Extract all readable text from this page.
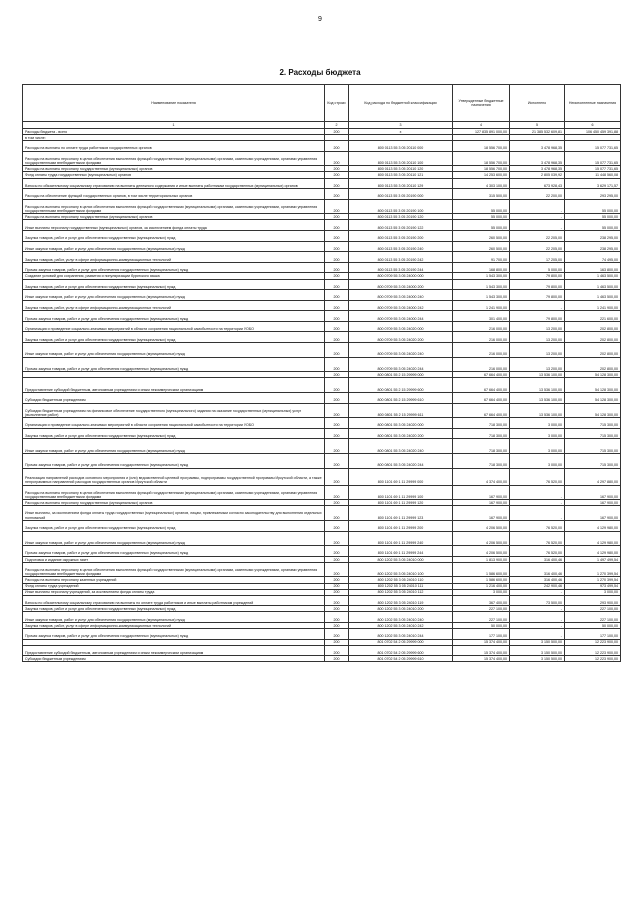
9
2. Расходы бюджета
Наименование показателя	Код строки	Код расхода по бюджетной классификации	Утвержденные бюджетные назначения	Исполнено	Неисполненные назначения
1	2	3	4	5	6
Расходы бюджета - всего	200	x	127 835 891 000,00	21 385 532 609,81	106 450 459 391,88
в том числе:					
Расходы на выплаты по оплате труда работников государственных органов	200	800 0113 55 3 05 20110 000	18 556 700,00	3 478 968,35	15 077 731,65
Расходы на выплаты персоналу в целях обеспечения выполнения функций государственными (муниципальными) органами, казенными учреждениями, органами управления государственными внебюджетными фондами	200	800 0113 55 3 05 20110 100	18 556 700,00	3 478 968,35	15 077 731,65
Расходы на выплаты персоналу государственных (муниципальных) органов	200	800 0113 55 3 05 20110 120	18 556 700,00	3 478 968,35	15 077 731,65
Фонд оплаты труда государственных (муниципальных) органов	200	800 0113 55 3 05 20110 121	14 253 600,00	2 805 039,92	11 448 560,08
Взносы по обязательному социальному страхованию на выплаты денежного содержания и иные выплаты работникам государственных (муниципальных) органов	200	800 0113 55 3 05 20110 129	4 303 100,00	673 928,43	3 629 171,57
Расходы на обеспечение функций государственных органов, в том числе территориальных органов	200	800 0113 55 3 05 20190 000	315 500,00	22 200,00	293 295,00
Расходы на выплаты персоналу в целях обеспечения выполнения функций государственными (муниципальными) органами, казенными учреждениями, органами управления государственными внебюджетными фондами	200	800 0113 55 3 05 20190 100	55 000,00	-	55 000,00
Расходы на выплаты персоналу государственных (муниципальных) органов	200	800 0113 55 3 05 20190 120	55 000,00	-	55 000,00
Иные выплаты персоналу государственных (муниципальных) органов, за исключением фонда оплаты труда	200	800 0113 55 3 05 20190 122	55 000,00	-	55 000,00
Закупка товаров, работ и услуг для обеспечения государственных (муниципальных) нужд	200	800 0113 55 3 05 20190 200	260 500,00	22 205,00	238 295,00
Иные закупки товаров, работ и услуг для обеспечения государственных (муниципальных) нужд	200	800 0113 55 3 05 20190 240	260 500,00	22 205,00	238 295,00
Закупка товаров, работ, услуг в сфере информационно-коммуникационных технологий	200	800 0113 55 3 05 20190 242	91 700,00	17 205,00	74 495,00
Прочая закупка товаров, работ и услуг для обеспечения государственных (муниципальных) нужд	200	800 0113 55 3 05 20190 244	168 800,00	5 000,00	163 800,00
Создание условий для сохранения, развития и популяризации бурятского языка	200	800 0709 55 3 05 24000 000	1 543 300,00	79 800,00	1 463 500,00
Закупка товаров, работ и услуг для обеспечения государственных (муниципальных) нужд	200	800 0709 55 3 05 24000 200	1 543 300,00	79 800,00	1 463 500,00
Иные закупки товаров, работ и услуг для обеспечения государственных (муниципальных) нужд	200	800 0709 55 3 05 24000 240	1 543 300,00	79 800,00	1 463 500,00
Закупка товаров, работ, услуг в сфере информационно-коммуникационных технологий	200	800 0709 55 3 05 24000 242	1 241 900,00	-	1 241 900,00
Прочая закупка товаров, работ и услуг для обеспечения государственных (муниципальных) нужд	200	800 0709 55 3 05 24000 244	301 400,00	79 800,00	221 600,00
Организация и проведение социально-значимых мероприятий в области сохранения национальной самобытности на территории УОБО	200	800 0709 55 3 05 24020 000	216 000,00	13 200,00	202 800,00
Закупка товаров, работ и услуг для обеспечения государственных (муниципальных) нужд	200	800 0709 55 3 05 24020 200	216 000,00	13 200,00	202 800,00
Иные закупки товаров, работ и услуг для обеспечения государственных (муниципальных) нужд	200	800 0709 55 3 05 24020 240	216 000,00	13 200,00	202 800,00
Прочая закупка товаров, работ и услуг для обеспечения государственных (муниципальных) нужд	200	800 0709 55 3 05 24020 244	216 000,00	13 200,00	202 800,00
	200	800 0801 55 2 15 29999 000	67 664 400,00	13 536 100,00	54 128 300,00
Предоставление субсидий бюджетным, автономным учреждениям и иным некоммерческим организациям	200	800 0801 55 2 15 29999 600	67 664 400,00	13 536 100,00	54 128 300,00
Субсидии бюджетным учреждениям	200	800 0801 55 2 15 29999 610	67 664 400,00	13 536 100,00	54 128 300,00
Субсидии бюджетным учреждениям на финансовое обеспечение государственного (муниципального) задания на оказание государственных (муниципальных) услуг (выполнение работ)	200	800 0801 55 2 15 29999 611	67 664 400,00	13 536 100,00	54 128 300,00
Организация и проведение социально-значимых мероприятий в области сохранения национальной самобытности на территории УОБО	200	800 0801 55 3 05 24020 000	718 300,00	3 000,00	715 300,00
Закупка товаров, работ и услуг для обеспечения государственных (муниципальных) нужд	200	800 0801 55 3 05 24020 200	718 300,00	3 000,00	715 300,00
Иные закупки товаров, работ и услуг для обеспечения государственных (муниципальных) нужд	200	800 0801 55 3 05 24020 240	718 300,00	3 000,00	715 300,00
Прочая закупка товаров, работ и услуг для обеспечения государственных (муниципальных) нужд	200	800 0801 55 3 05 24020 244	718 300,00	3 000,00	715 300,00
Реализация направлений расходов основного мероприятия и (или) ведомственной целевой программы, подпрограммы государственной программы Иркутской области, а также непрограммных направлений расходов государственных органов Иркутской области	200	800 1101 69 1 11 29999 000	4 374 400,00	76 520,00	4 297 880,00
Расходы на выплаты персоналу в целях обеспечения выполнения функций государственными (муниципальными) органами, казенными учреждениями, органами управления государственными внебюджетными фондами	200	800 1101 69 1 11 29999 100	167 900,00	-	167 900,00
Расходы на выплаты персоналу государственных (муниципальных) органов	200	800 1101 69 1 11 29999 120	167 900,00	-	167 900,00
Иные выплаты, за исключением фонда оплаты труда государственных (муниципальных) органов, лицам, привлекаемым согласно законодательству для выполнения отдельных полномочий	200	800 1101 69 1 11 29999 123	167 900,00	-	167 900,00
Закупка товаров, работ и услуг для обеспечения государственных (муниципальных) нужд	200	800 1101 69 1 11 29999 200	4 206 500,00	76 520,00	4 129 980,00
Иные закупки товаров, работ и услуг для обеспечения государственных (муниципальных) нужд	200	800 1101 69 1 11 29999 240	4 206 500,00	76 520,00	4 129 980,00
Прочая закупка товаров, работ и услуг для обеспечения государственных (муниципальных) нужд	200	800 1101 69 1 11 29999 244	4 206 500,00	76 520,00	4 129 980,00
Подготовка и издание окружных газет	200	800 1202 55 3 05 24010 000	1 813 900,00	316 400,46	1 497 499,54
Расходы на выплаты персоналу в целях обеспечения выполнения функций государственными (муниципальными) органами, казенными учреждениями, органами управления государственными внебюджетными фондами	200	800 1202 55 3 05 24010 100	1 586 600,00	316 400,46	1 270 399,54
Расходы на выплаты персоналу казенных учреждений	200	800 1202 55 3 05 24010 110	1 586 600,00	316 400,46	1 270 399,54
Фонд оплаты труда учреждений	200	800 1202 55 3 05 24010 111	1 216 400,00	242 900,46	973 499,54
Иные выплаты персоналу учреждений, за исключением фонда оплаты труда	200	800 1202 55 3 05 24010 112	3 000,00	-	3 000,00
Взносы по обязательному социальному страхованию на выплаты по оплате труда работников и иные выплаты работникам учреждений	200	800 1202 55 3 05 24010 119	367 400,00	73 500,00	293 900,00
Закупка товаров, работ и услуг для обеспечения государственных (муниципальных) нужд	200	800 1202 55 3 05 24010 200	227 100,00	-	227 100,00
Иные закупки товаров, работ и услуг для обеспечения государственных (муниципальных) нужд	200	800 1202 55 3 05 24010 240	227 100,00	-	227 100,00
Закупка товаров, работ, услуг в сфере информационно-коммуникационных технологий	200	800 1202 55 3 05 24010 242	50 000,00	-	50 000,00
Прочая закупка товаров, работ и услуг для обеспечения государственных (муниципальных) нужд	200	800 1202 55 3 05 24010 244	177 100,00	-	177 100,00
	200	801 0702 54 2 05 29999 000	15 374 400,00	3 150 500,00	12 223 900,00
Предоставление субсидий бюджетным, автономным учреждениям и иным некоммерческим организациям	200	801 0702 54 2 05 29999 600	15 374 400,00	3 150 500,00	12 223 900,00
Субсидии бюджетным учреждениям	200	801 0702 54 2 05 29999 610	15 374 400,00	3 150 500,00	12 223 900,00
